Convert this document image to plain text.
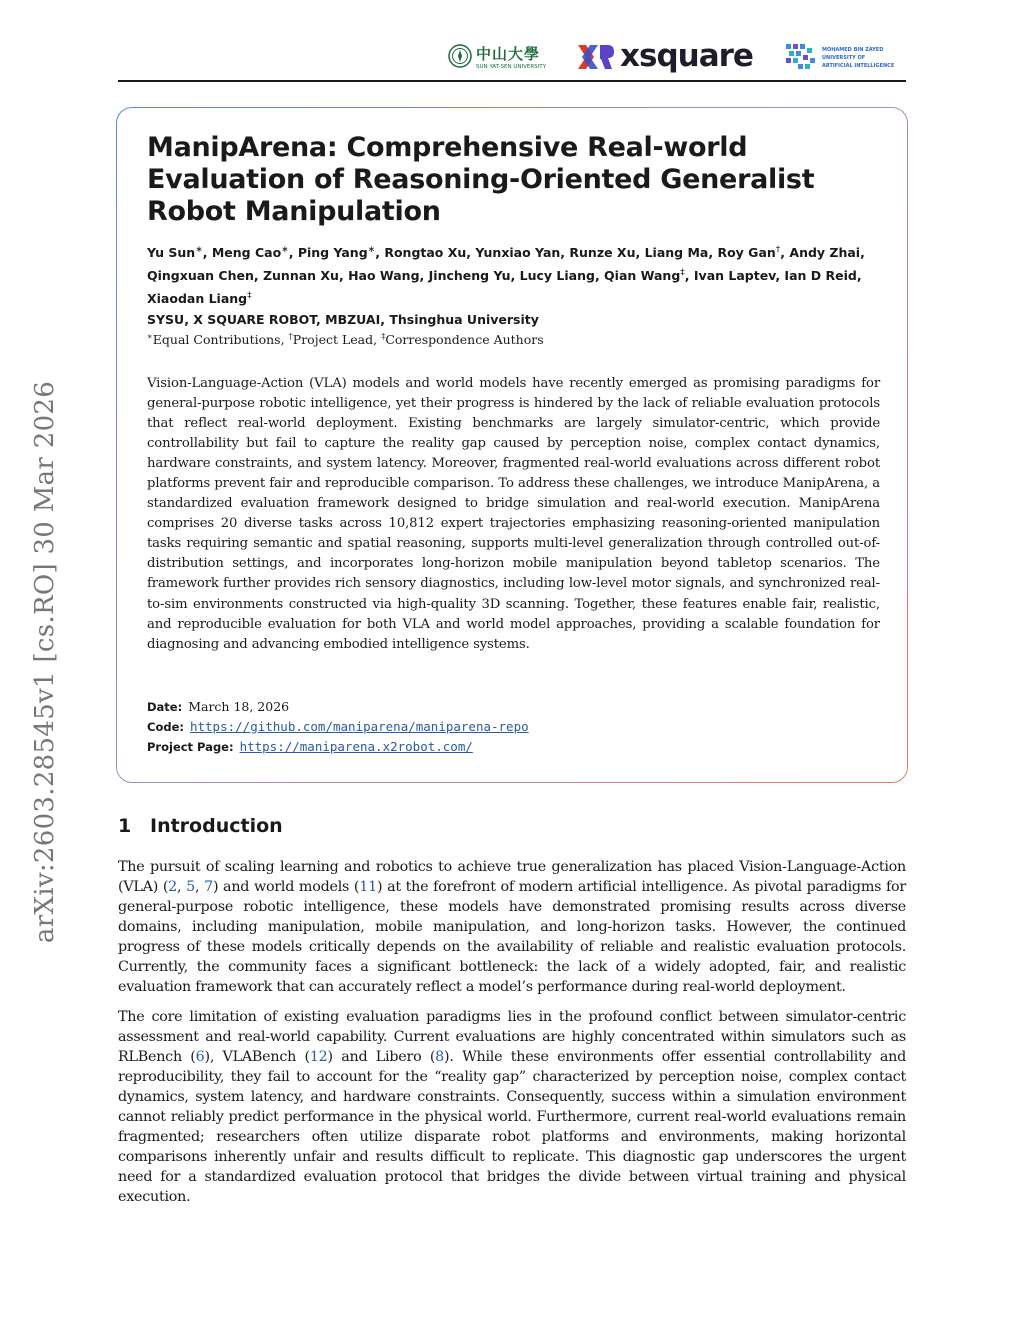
arXiv:2603.28545v1 [cs.RO] 30 Mar 2026
中山大學
SUN YAT-SEN UNIVERSITY xsquare	MOHAMED BIN ZAYED
UNIVERSITY OF
ARTIFICIAL INTELLIGENCE
ManipArena: Comprehensive Real-world Evaluation of Reasoning-Oriented Generalist Robot Manipulation
Yu Sun∗, Meng Cao∗, Ping Yang∗, Rongtao Xu, Yunxiao Yan, Runze Xu, Liang Ma, Roy Gan†, Andy Zhai, Qingxuan Chen, Zunnan Xu, Hao Wang, Jincheng Yu, Lucy Liang, Qian Wang‡, Ivan Laptev, Ian D Reid, Xiaodan Liang‡
SYSU, X SQUARE ROBOT, MBZUAI, Thsinghua University
∗Equal Contributions, †Project Lead, ‡Correspondence Authors

Vision-Language-Action (VLA) models and world models have recently emerged as promising paradigms for general-purpose robotic intelligence, yet their progress is hindered by the lack of reliable evaluation protocols that reflect real-world deployment. Existing benchmarks are largely simulator-centric, which provide controllability but fail to capture the reality gap caused by perception noise, complex contact dynamics, hardware constraints, and system latency. Moreover, fragmented real-world evaluations across different robot platforms prevent fair and reproducible comparison. To address these challenges, we introduce ManipArena, a standardized evaluation framework designed to bridge simulation and real-world execution. ManipArena comprises 20 diverse tasks across 10,812 expert trajectories emphasizing reasoning-oriented manipulation tasks requiring semantic and spatial reasoning, supports multi-level generalization through controlled out-of-distribution settings, and incorporates long-horizon mobile manipulation beyond tabletop scenarios. The framework further provides rich sensory diagnostics, including low-level motor signals, and synchronized real-to-sim environments constructed via high-quality 3D scanning. Together, these features enable fair, realistic, and reproducible evaluation for both VLA and world model approaches, providing a scalable foundation for diagnosing and advancing embodied intelligence systems.

Date: March 18, 2026
Code: https://github.com/maniparena/maniparena-repo
Project Page: https://maniparena.x2robot.com/
1 Introduction

The pursuit of scaling learning and robotics to achieve true generalization has placed Vision-Language-Action (VLA) (2, 5, 7) and world models (11) at the forefront of modern artificial intelligence. As pivotal paradigms for general-purpose robotic intelligence, these models have demonstrated promising results across diverse domains, including manipulation, mobile manipulation, and long-horizon tasks. However, the continued progress of these models critically depends on the availability of reliable and realistic evaluation protocols. Currently, the community faces a significant bottleneck: the lack of a widely adopted, fair, and realistic evaluation framework that can accurately reflect a model’s performance during real-world deployment.

The core limitation of existing evaluation paradigms lies in the profound conflict between simulator-centric assessment and real-world capability. Current evaluations are highly concentrated within simulators such as RLBench (6), VLABench (12) and Libero (8). While these environments offer essential controllability and reproducibility, they fail to account for the “reality gap” characterized by perception noise, complex contact dynamics, system latency, and hardware constraints. Consequently, success within a simulation environment cannot reliably predict performance in the physical world. Furthermore, current real-world evaluations remain fragmented; researchers often utilize disparate robot platforms and environments, making horizontal comparisons inherently unfair and results difficult to replicate. This diagnostic gap underscores the urgent need for a standardized evaluation protocol that bridges the divide between virtual training and physical execution.
